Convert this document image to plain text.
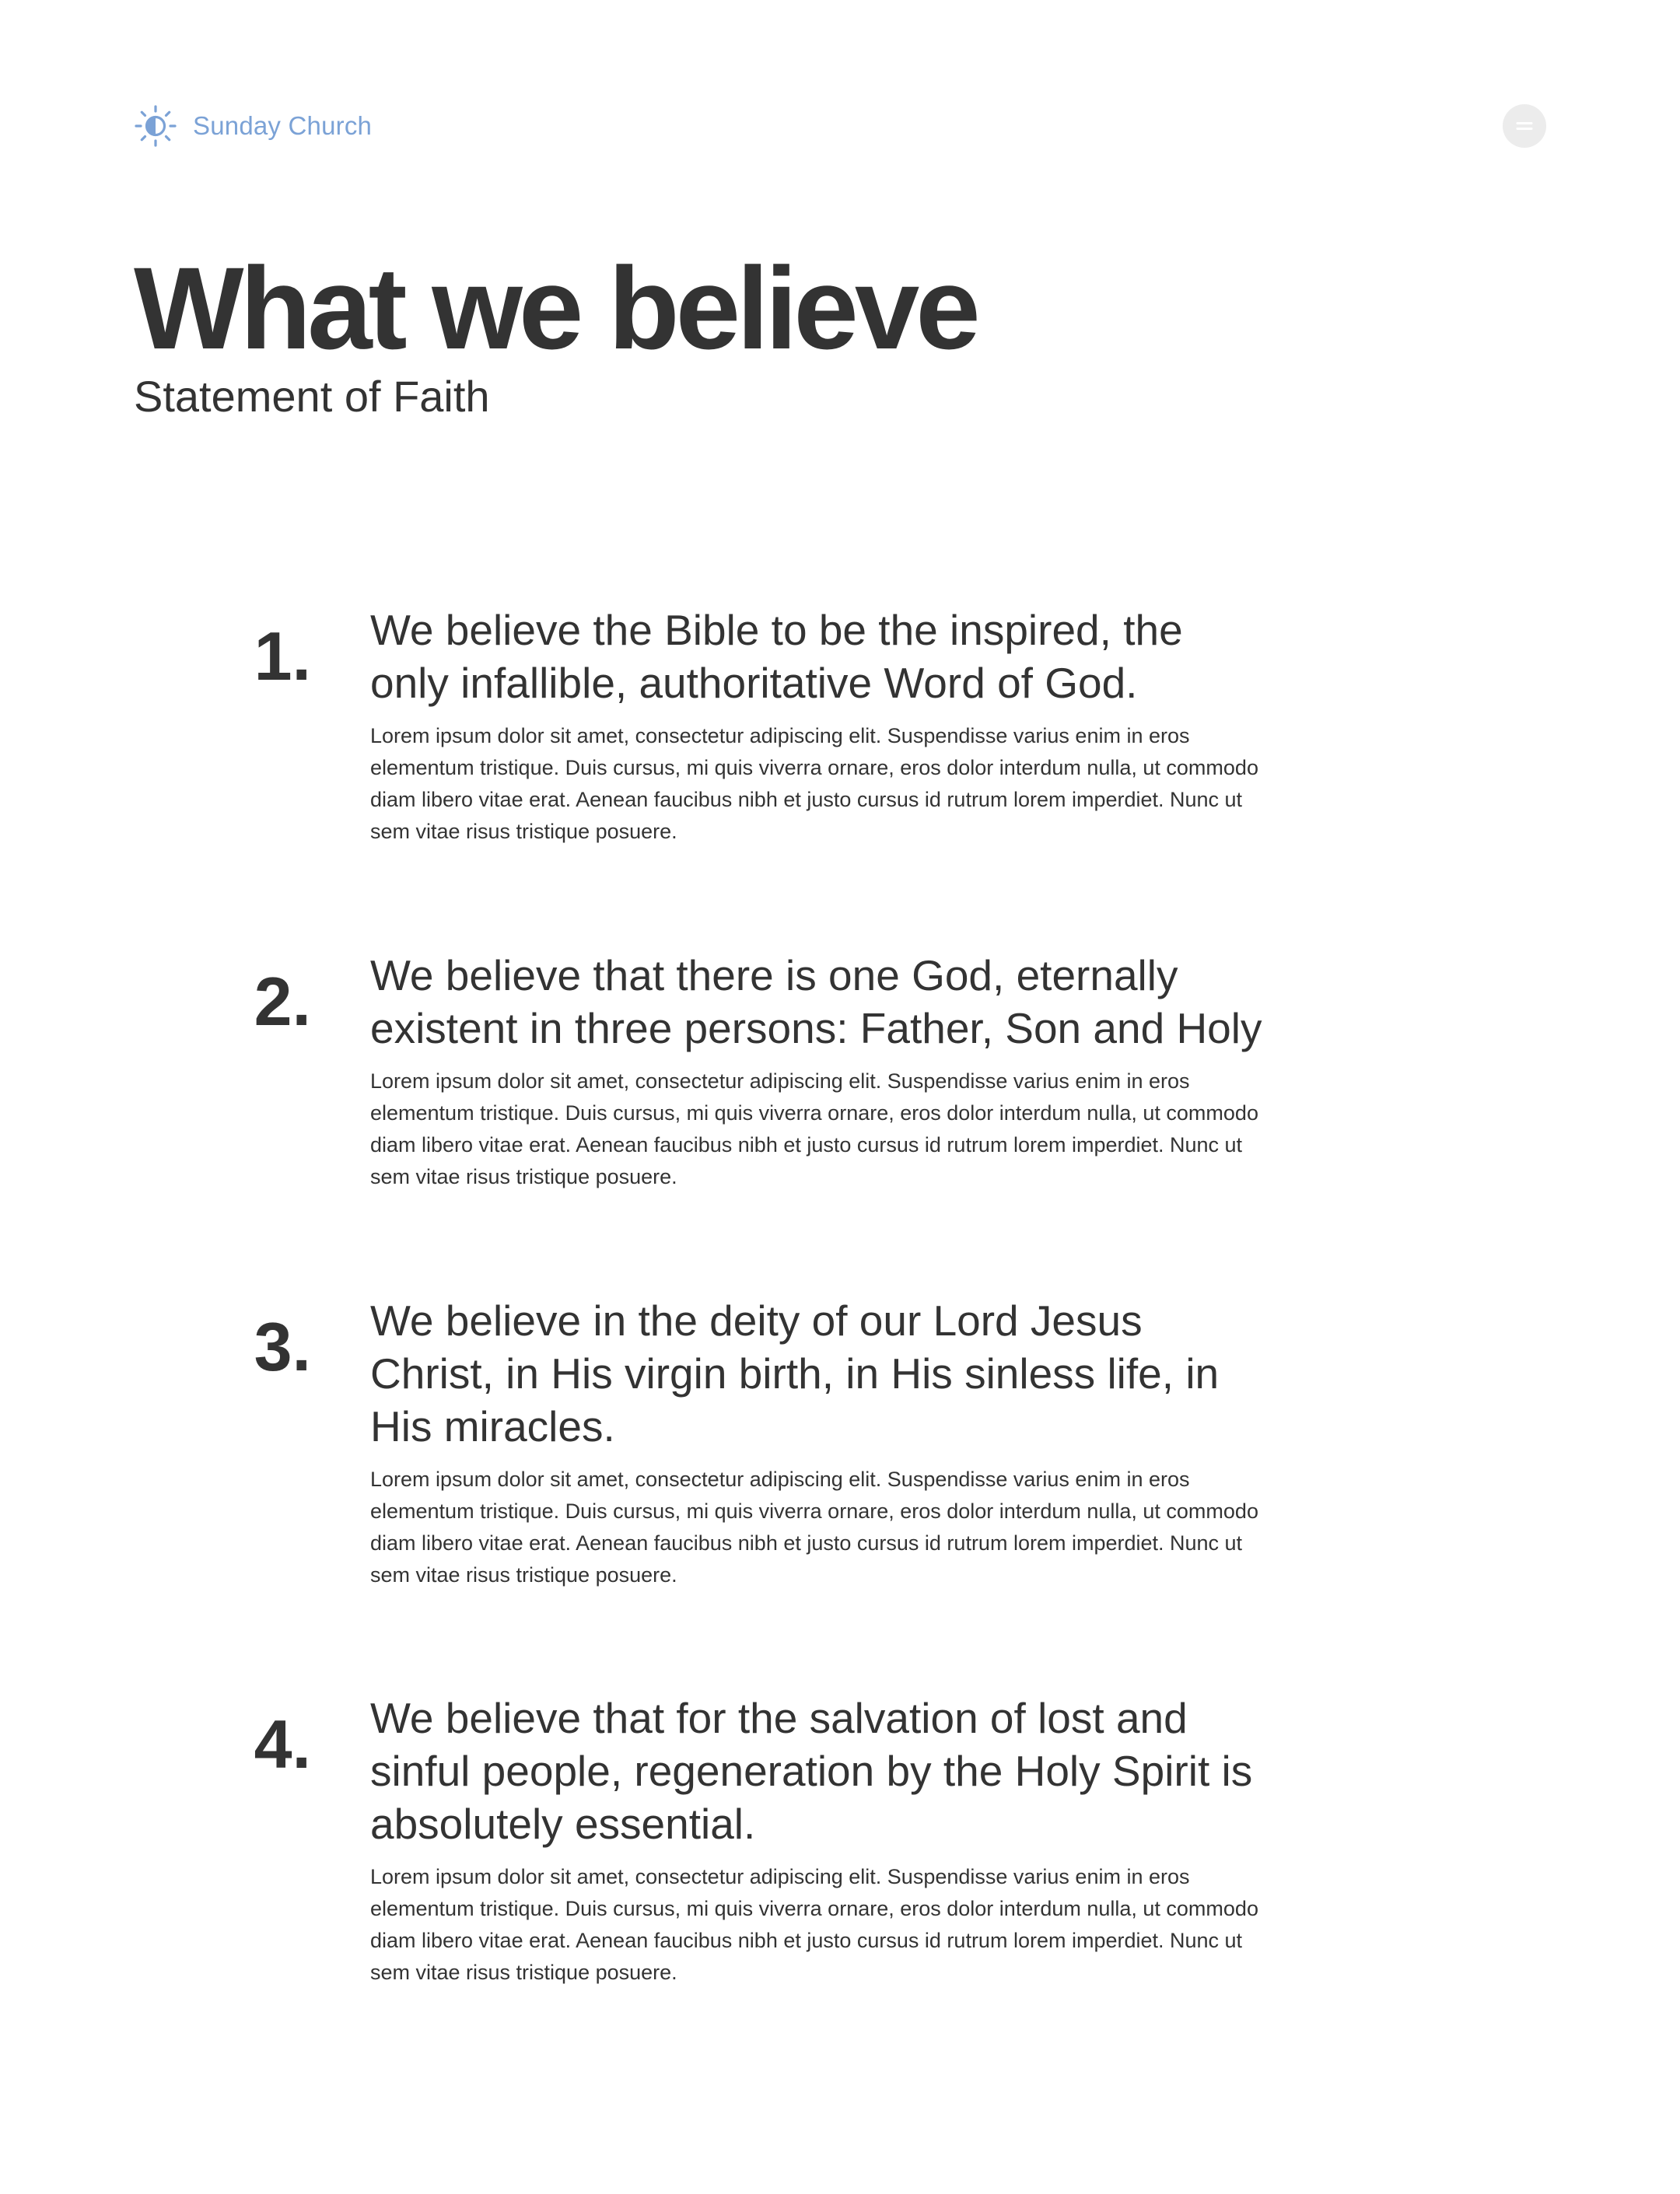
Sunday Church
What we believe

Statement of Faith

1. We believe the Bible to be the inspired, the only infallible, authoritative Word of God.

Lorem ipsum dolor sit amet, consectetur adipiscing elit. Suspendisse varius enim in eros elementum tristique. Duis cursus, mi quis viverra ornare, eros dolor interdum nulla, ut commodo diam libero vitae erat. Aenean faucibus nibh et justo cursus id rutrum lorem imperdiet. Nunc ut sem vitae risus tristique posuere.

2. We believe that there is one God, eternally existent in three persons: Father, Son and Holy

Lorem ipsum dolor sit amet, consectetur adipiscing elit. Suspendisse varius enim in eros elementum tristique. Duis cursus, mi quis viverra ornare, eros dolor interdum nulla, ut commodo diam libero vitae erat. Aenean faucibus nibh et justo cursus id rutrum lorem imperdiet. Nunc ut sem vitae risus tristique posuere.

3. We believe in the deity of our Lord Jesus Christ, in His virgin birth, in His sinless life, in His miracles.

Lorem ipsum dolor sit amet, consectetur adipiscing elit. Suspendisse varius enim in eros elementum tristique. Duis cursus, mi quis viverra ornare, eros dolor interdum nulla, ut commodo diam libero vitae erat. Aenean faucibus nibh et justo cursus id rutrum lorem imperdiet. Nunc ut sem vitae risus tristique posuere.

4. We believe that for the salvation of lost and sinful people, regeneration by the Holy Spirit is absolutely essential.

Lorem ipsum dolor sit amet, consectetur adipiscing elit. Suspendisse varius enim in eros elementum tristique. Duis cursus, mi quis viverra ornare, eros dolor interdum nulla, ut commodo diam libero vitae erat. Aenean faucibus nibh et justo cursus id rutrum lorem imperdiet. Nunc ut sem vitae risus tristique posuere.
